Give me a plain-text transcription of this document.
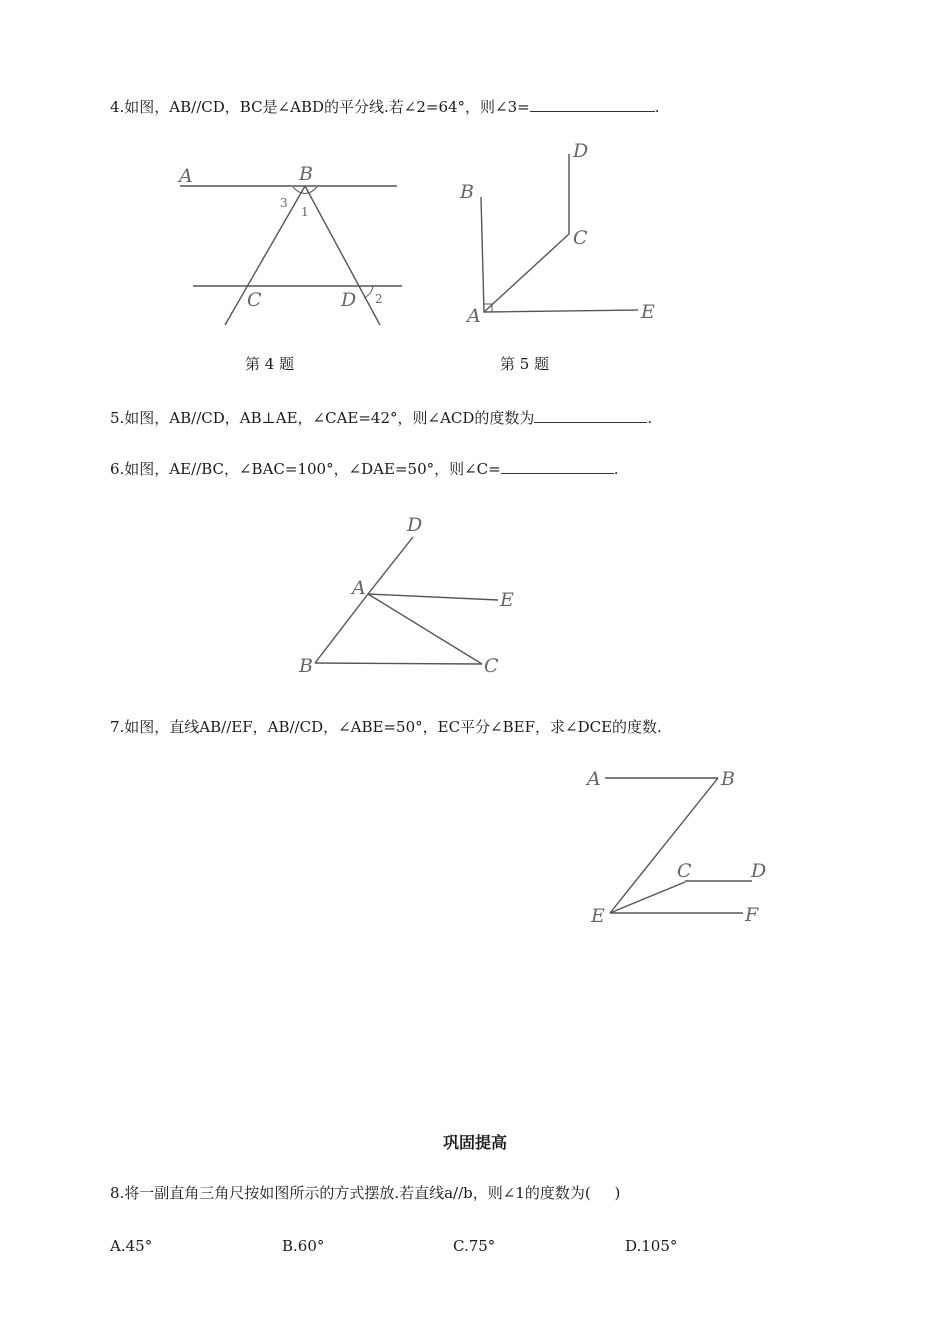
4.如图，AB//CD，BC是∠ABD的平分线.若∠2=64°，则∠3=	.
A	B
C	D
1
2
3
第 4 题
B
D
C
A	E
第 5 题
5.如图，AB//CD，AB⊥AE，∠CAE=42°，则∠ACD的度数为	.
6.如图，AE//BC，∠BAC=100°，∠DAE=50°，则∠C=	.
D
A
E
B	C
7.如图，直线AB//EF，AB//CD，∠ABE=50°，EC平分∠BEF，求∠DCE的度数.
A	B
C	D
E	F
巩固提高
8.将一副直角三角尺按如图所示的方式摆放.若直线a//b，则∠1的度数为(     )
A.45°	B.60°	C.75°	D.105°
